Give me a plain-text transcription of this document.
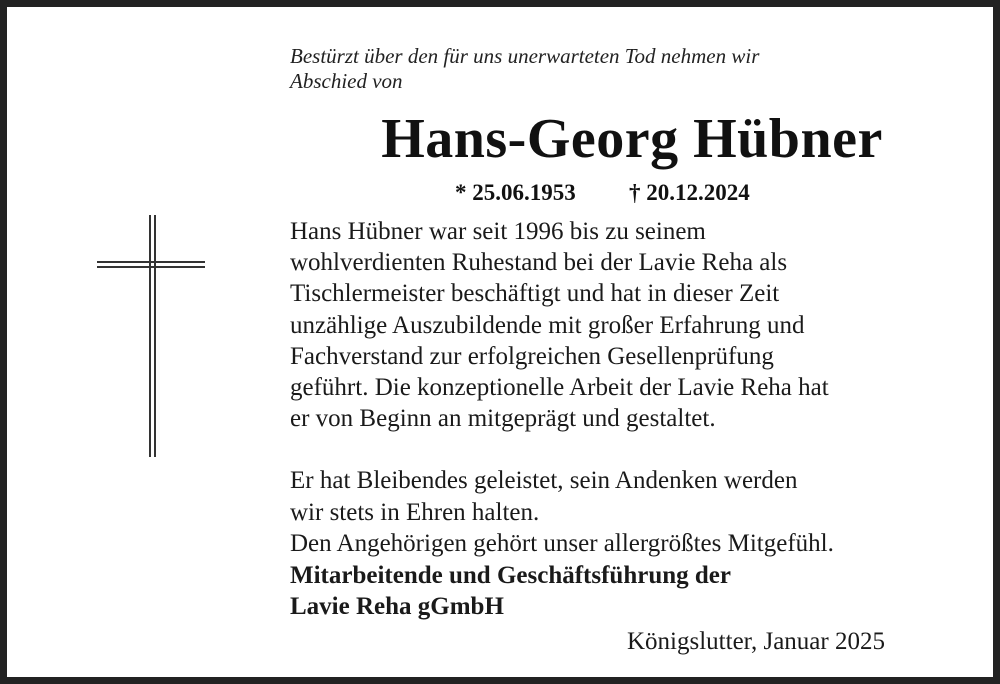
Bestürzt über den für uns unerwarteten Tod nehmen wir
Abschied von
Hans-Georg Hübner
* 25.06.1953 † 20.12.2024

Hans Hübner war seit 1996 bis zu seinem

wohlverdienten Ruhestand bei der Lavie Reha als

Tischlermeister beschäftigt und hat in dieser Zeit

unzählige Auszubildende mit großer Erfahrung und

Fachverstand zur erfolgreichen Gesellenprüfung

geführt. Die konzeptionelle Arbeit der Lavie Reha hat

er von Beginn an mitgeprägt und gestaltet.

Er hat Bleibendes geleistet, sein Andenken werden

wir stets in Ehren halten.

Den Angehörigen gehört unser allergrößtes Mitgefühl.

Mitarbeitende und Geschäftsführung der

Lavie Reha gGmbH

Königslutter, Januar 2025
